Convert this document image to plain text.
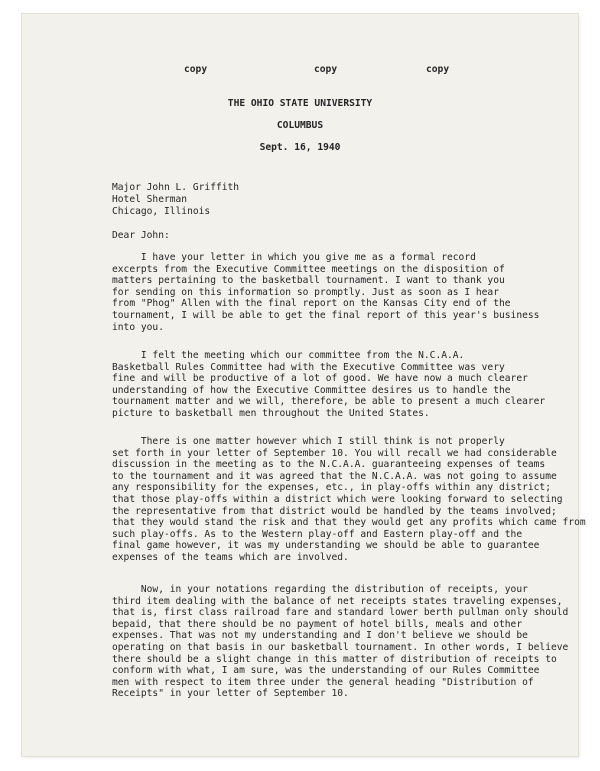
copy	copy	copy
THE OHIO STATE UNIVERSITY
COLUMBUS
Sept. 16, 1940
Major John L. Griffith
Hotel Sherman
Chicago, Illinois
Dear John:
I have your letter in which you give me as a formal record
excerpts from the Executive Committee meetings on the disposition of
matters pertaining to the basketball tournament. I want to thank you
for sending on this information so promptly. Just as soon as I hear
from "Phog" Allen with the final report on the Kansas City end of the
tournament, I will be able to get the final report of this year's business
into you.
I felt the meeting which our committee from the N.C.A.A.
Basketball Rules Committee had with the Executive Committee was very
fine and will be productive of a lot of good. We have now a much clearer
understanding of how the Executive Committee desires us to handle the
tournament matter and we will, therefore, be able to present a much clearer
picture to basketball men throughout the United States.
There is one matter however which I still think is not properly
set forth in your letter of September 10. You will recall we had considerable
discussion in the meeting as to the N.C.A.A. guaranteeing expenses of teams
to the tournament and it was agreed that the N.C.A.A. was not going to assume
any responsibility for the expenses, etc., in play-offs within any district;
that those play-offs within a district which were looking forward to selecting
the representative from that district would be handled by the teams involved;
that they would stand the risk and that they would get any profits which came from
such play-offs. As to the Western play-off and Eastern play-off and the
final game however, it was my understanding we should be able to guarantee
expenses of the teams which are involved.
Now, in your notations regarding the distribution of receipts, your
third item dealing with the balance of net receipts states traveling expenses,
that is, first class railroad fare and standard lower berth pullman only should
bepaid, that there should be no payment of hotel bills, meals and other
expenses. That was not my understanding and I don't believe we should be
operating on that basis in our basketball tournament. In other words, I believe
there should be a slight change in this matter of distribution of receipts to
conform with what, I am sure, was the understanding of our Rules Committee
men with respect to item three under the general heading "Distribution of
Receipts" in your letter of September 10.
